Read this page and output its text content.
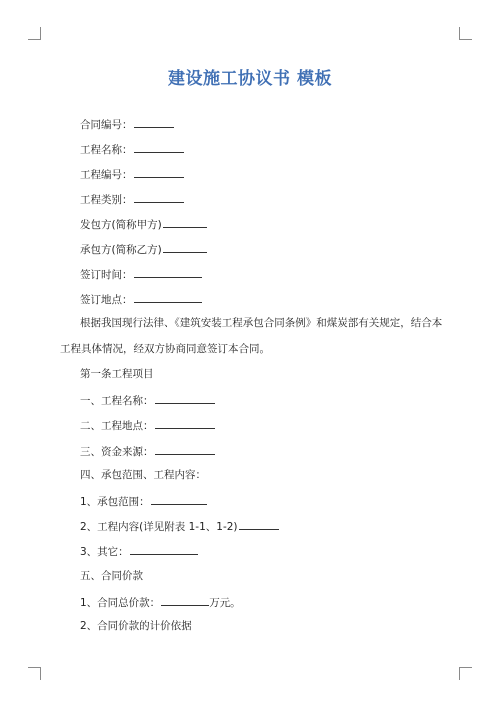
建设施工协议书 模板
合同编号：
工程名称：
工程编号：
工程类别：
发包方(简称甲方)
承包方(简称乙方)
签订时间：
签订地点：
根据我国现行法律、《建筑安装工程承包合同条例》和煤炭部有关规定，结合本
工程具体情况，经双方协商同意签订本合同。
第一条工程项目
一、工程名称：
二、工程地点：
三、资金来源：
四、承包范围、工程内容：
1、承包范围：
2、工程内容(详见附表 1-1、1-2)
3、其它：
五、合同价款
1、合同总价款：	万元。
2、合同价款的计价依据
